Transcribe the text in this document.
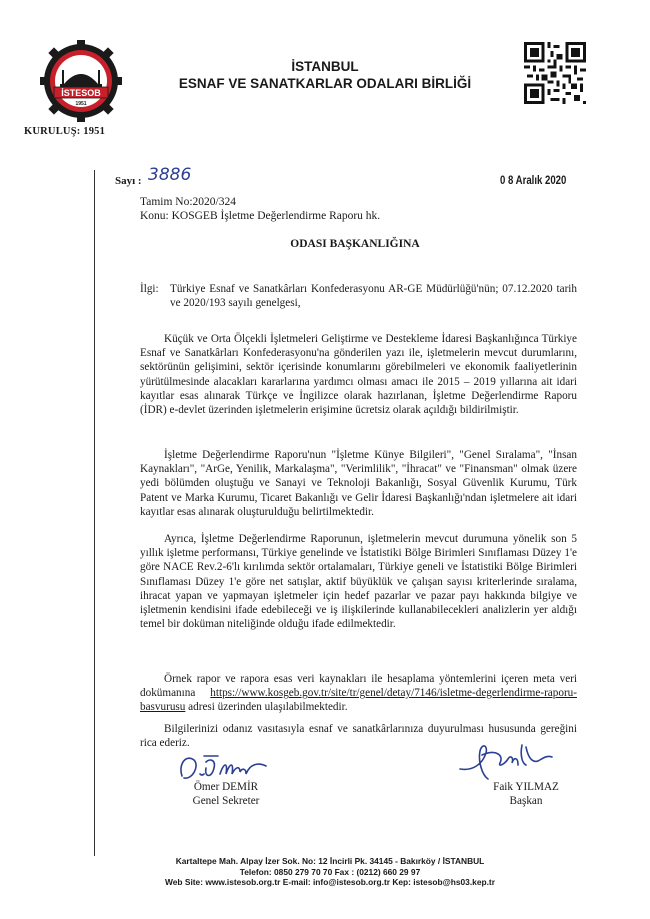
İSTESOB
1951
KURULUŞ: 1951
İSTANBUL
ESNAF VE SANATKARLAR ODALARI BİRLİĞİ
Sayı : 3886	0 8 Aralık 2020
Tamim No:2020/324
Konu: KOSGEB İşletme Değerlendirme Raporu hk.
ODASI BAŞKANLIĞINA
İlgi: Türkiye Esnaf ve Sanatkârları Konfederasyonu AR-GE Müdürlüğü'nün; 07.12.2020 tarih ve 2020/193 sayılı genelgesi,
Küçük ve Orta Ölçekli İşletmeleri Geliştirme ve Destekleme İdaresi Başkanlığınca Türkiye Esnaf ve Sanatkârları Konfederasyonu'na gönderilen yazı ile, işletmelerin mevcut durumlarını, sektörünün gelişimini, sektör içerisinde konumlarını görebilmeleri ve ekonomik faaliyetlerinin yürütülmesinde alacakları kararlarına yardımcı olması amacı ile 2015 – 2019 yıllarına ait idari kayıtlar esas alınarak Türkçe ve İngilizce olarak hazırlanan, İşletme Değerlendirme Raporu (İDR) e-devlet üzerinden işletmelerin erişimine ücretsiz olarak açıldığı bildirilmiştir.
İşletme Değerlendirme Raporu'nun "İşletme Künye Bilgileri", "Genel Sıralama", "İnsan Kaynakları", "ArGe, Yenilik, Markalaşma", "Verimlilik", "İhracat" ve "Finansman" olmak üzere yedi bölümden oluştuğu ve Sanayi ve Teknoloji Bakanlığı, Sosyal Güvenlik Kurumu, Türk Patent ve Marka Kurumu, Ticaret Bakanlığı ve Gelir İdaresi Başkanlığı'ndan işletmelere ait idari kayıtlar esas alınarak oluşturulduğu belirtilmektedir.
Ayrıca, İşletme Değerlendirme Raporunun, işletmelerin mevcut durumuna yönelik son 5 yıllık işletme performansı, Türkiye genelinde ve İstatistiki Bölge Birimleri Sınıflaması Düzey 1'e göre NACE Rev.2-6'lı kırılımda sektör ortalamaları, Türkiye geneli ve İstatistiki Bölge Birimleri Sınıflaması Düzey 1'e göre net satışlar, aktif büyüklük ve çalışan sayısı kriterlerinde sıralama, ihracat yapan ve yapmayan işletmeler için hedef pazarlar ve pazar payı hakkında bilgiye ve işletmenin kendisini ifade edebileceği ve iş ilişkilerinde kullanabilecekleri analizlerin yer aldığı temel bir doküman niteliğinde olduğu ifade edilmektedir.
Örnek rapor ve rapora esas veri kaynakları ile hesaplama yöntemlerini içeren meta veri dokümanına https://www.kosgeb.gov.tr/site/tr/genel/detay/7146/isletme-degerlendirme-raporu-basvurusu adresi üzerinden ulaşılabilmektedir.
Bilgilerinizi odanız vasıtasıyla esnaf ve sanatkârlarınıza duyurulması hususunda gereğini rica ederiz.
Ömer DEMİR
Genel Sekreter
Faik YILMAZ
Başkan
Kartaltepe Mah. Alpay İzer Sok. No: 12 İncirli Pk. 34145 - Bakırköy / İSTANBUL
Telefon: 0850 279 70 70 Fax : (0212) 660 29 97
Web Site: www.istesob.org.tr E-mail: info@istesob.org.tr Kep: istesob@hs03.kep.tr
